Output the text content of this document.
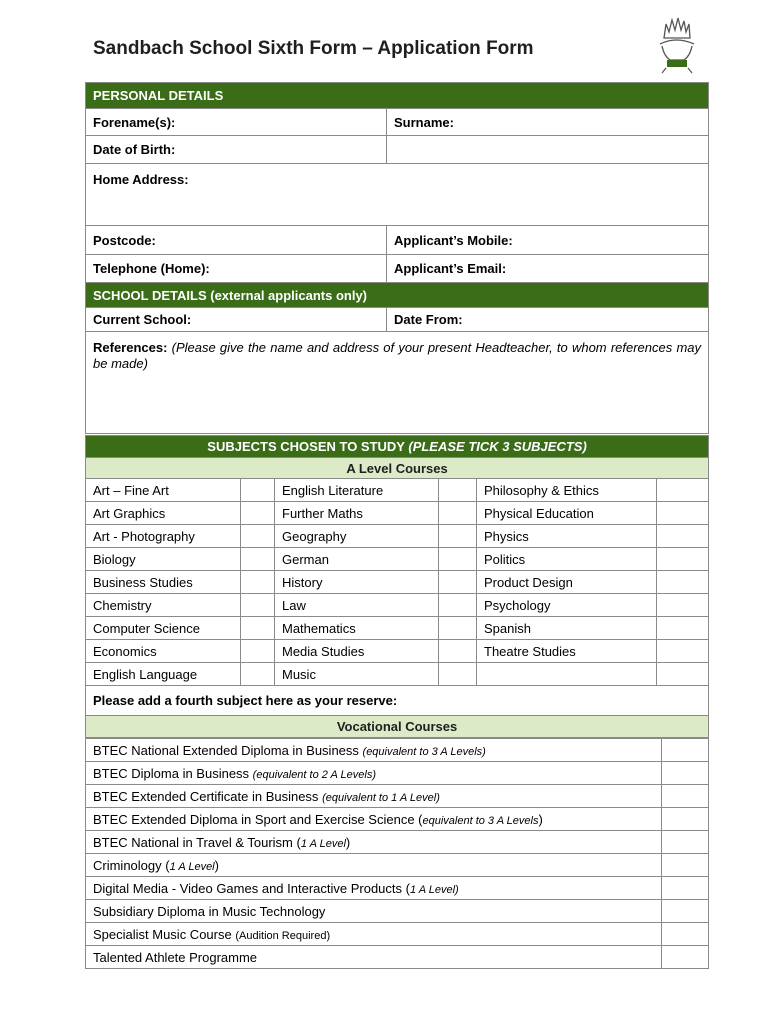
Sandbach School Sixth Form – Application Form
PERSONAL DETAILS	
Forename(s):	Surname:
Date of Birth:	
Home Address:	
Postcode:	Applicant’s Mobile:
Telephone (Home):	Applicant’s Email:
SCHOOL DETAILS (external applicants only)	
Current School:	Date From:
References: (Please give the name and address of your present Headteacher, to whom references may be made)	
SUBJECTS CHOSEN TO STUDY (PLEASE TICK 3 SUBJECTS)					
A Level Courses					
Art – Fine Art		English Literature		Philosophy & Ethics	
Art Graphics		Further Maths		Physical Education	
Art - Photography		Geography		Physics	
Biology		German		Politics	
Business Studies		History		Product Design	
Chemistry		Law		Psychology	
Computer Science		Mathematics		Spanish	
Economics		Media Studies		Theatre Studies	
English Language		Music			
Please add a fourth subject here as your reserve:					
Vocational Courses					
BTEC National Extended Diploma in Business (equivalent to 3 A Levels)	
BTEC Diploma in Business (equivalent to 2 A Levels)	
BTEC Extended Certificate in Business (equivalent to 1 A Level)	
BTEC Extended Diploma in Sport and Exercise Science (equivalent to 3 A Levels)	
BTEC National in Travel & Tourism (1 A Level)	
Criminology (1 A Level)	
Digital Media - Video Games and Interactive Products (1 A Level)	
Subsidiary Diploma in Music Technology	
Specialist Music Course (Audition Required)	
Talented Athlete Programme	
